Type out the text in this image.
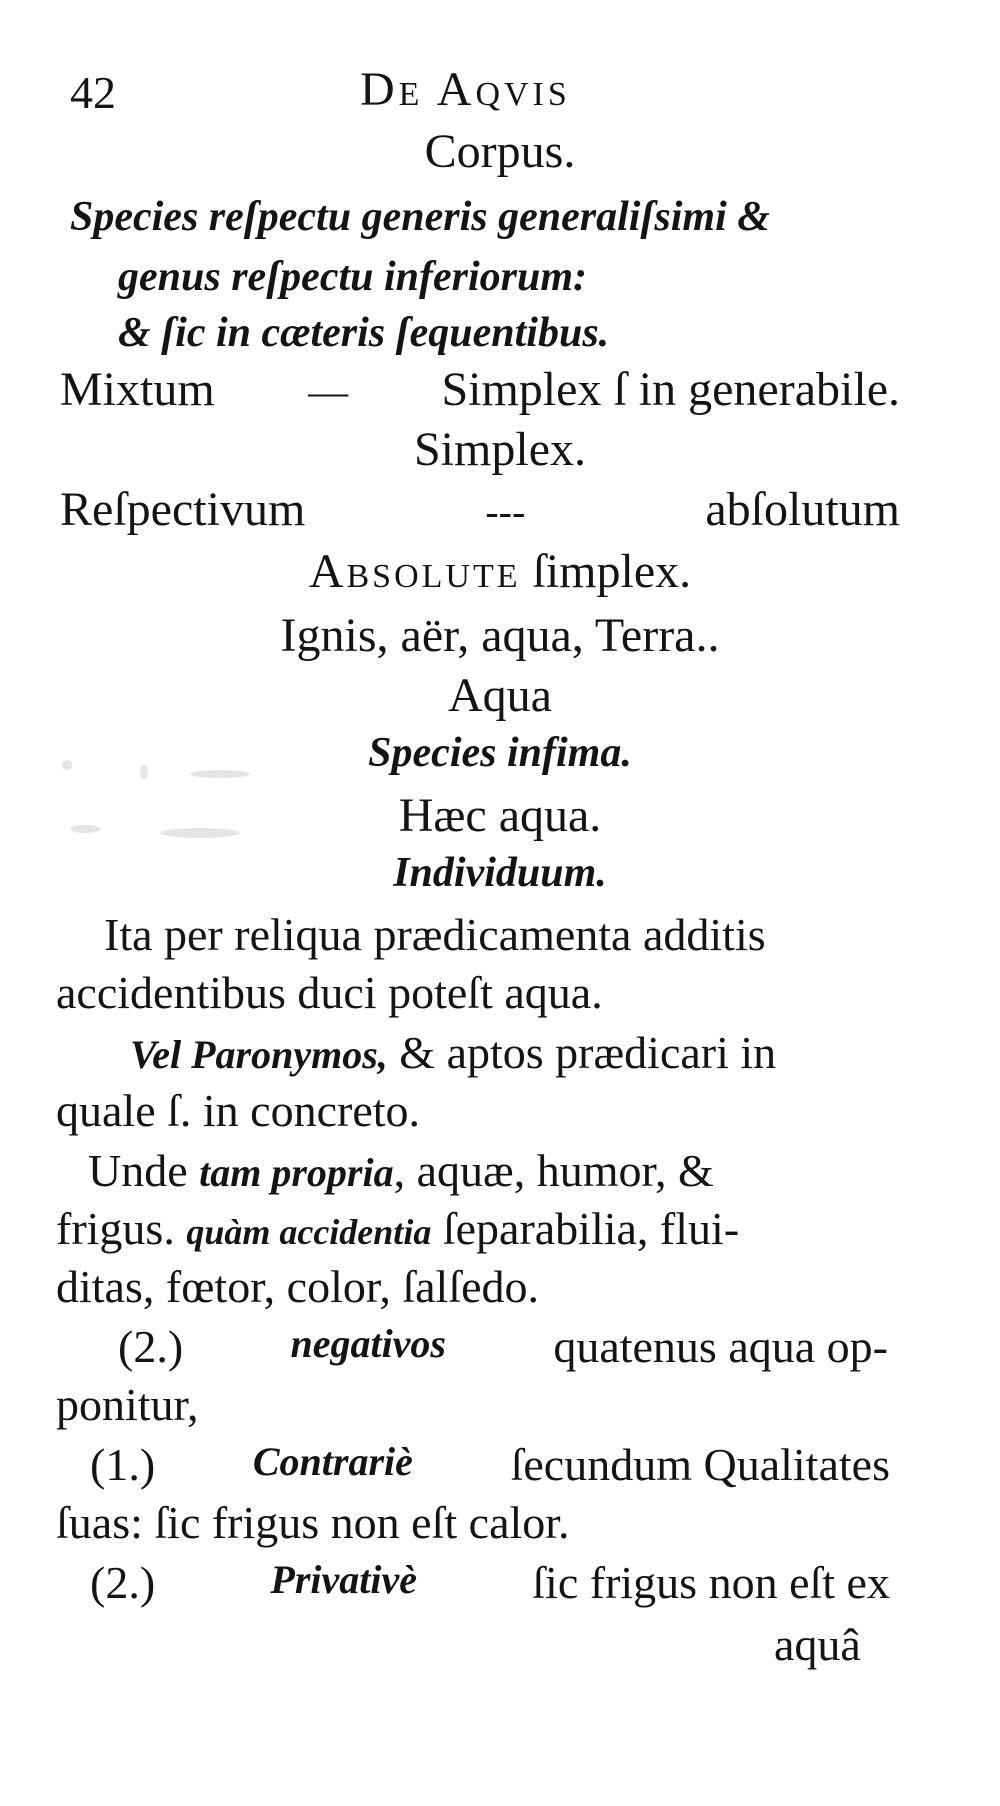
42	De Aqvis
Corpus.
Species reſpectu generis generaliſsimi &
genus reſpectu inferiorum:
& ſic in cæteris ſequentibus.
Mixtum — Simplex ſ in generabile.
Simplex.
Reſpectivum	---	abſolutum
Absolute ſimplex.
Ignis, aër, aqua, Terra..
Aqua
Species infima.
Hæc aqua.
Individuum.
Ita per reliqua prædicamenta additis
accidentibus duci poteſt aqua.
Vel Paronymos, & aptos prædicari in
quale ſ. in concreto.
Unde tam propria, aquæ, humor, &
frigus. quàm accidentia ſeparabilia, flui-
ditas, fœtor, color, ſalſedo.
(2.)	negativos quatenus aqua op-
ponitur,
(1.) Contrariè ſecundum Qualitates
ſuas: ſic frigus non eſt calor.
(2.)	Privativè	ſic frigus non eſt ex
aquâ
